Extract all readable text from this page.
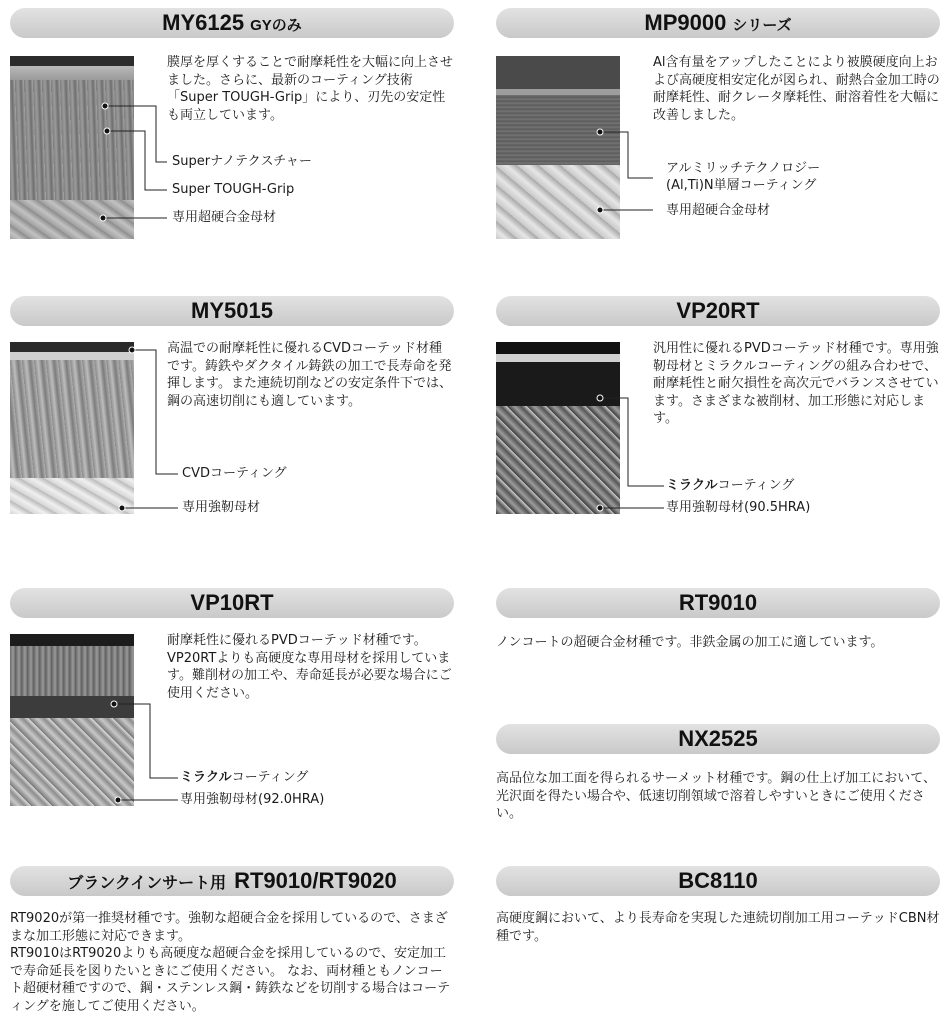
MY6125 GYのみ
膜厚を厚くすることで耐摩耗性を大幅に向上させました。さらに、最新のコーティング技術「Super TOUGH-Grip」により、刃先の安定性も両立しています。
Superナノテクスチャー
Super TOUGH-Grip
専用超硬合金母材
MP9000 シリーズ
Al含有量をアップしたことにより被膜硬度向上および高硬度相安定化が図られ、耐熱合金加工時の耐摩耗性、耐クレータ摩耗性、耐溶着性を大幅に改善しました。
アルミリッチテクノロジー
(Al,Ti)N単層コーティング
専用超硬合金母材
MY5015
高温での耐摩耗性に優れるCVDコーテッド材種です。鋳鉄やダクタイル鋳鉄の加工で長寿命を発揮します。また連続切削などの安定条件下では、鋼の高速切削にも適しています。
CVDコーティング
専用強靭母材
VP20RT
汎用性に優れるPVDコーテッド材種です。専用強靭母材とミラクルコーティングの組み合わせで、耐摩耗性と耐欠損性を高次元でバランスさせています。さまざまな被削材、加工形態に対応します。
ミラクルコーティング
専用強靭母材(90.5HRA)
VP10RT
耐摩耗性に優れるPVDコーテッド材種です。VP20RTよりも高硬度な専用母材を採用しています。難削材の加工や、寿命延長が必要な場合にご使用ください。
ミラクルコーティング
専用強靭母材(92.0HRA)
RT9010
ノンコートの超硬合金材種です。非鉄金属の加工に適しています。
NX2525
高品位な加工面を得られるサーメット材種です。鋼の仕上げ加工において、光沢面を得たい場合や、低速切削領域で溶着しやすいときにご使用ください。
ブランクインサート用 RT9010/RT9020
RT9020が第一推奨材種です。強靭な超硬合金を採用しているので、さまざまな加工形態に対応できます。
RT9010はRT9020よりも高硬度な超硬合金を採用しているので、安定加工で寿命延長を図りたいときにご使用ください。 なお、両材種ともノンコート超硬材種ですので、鋼・ステンレス鋼・鋳鉄などを切削する場合はコーティングを施してご使用ください。
BC8110
高硬度鋼において、より長寿命を実現した連続切削加工用コーテッドCBN材種です。
